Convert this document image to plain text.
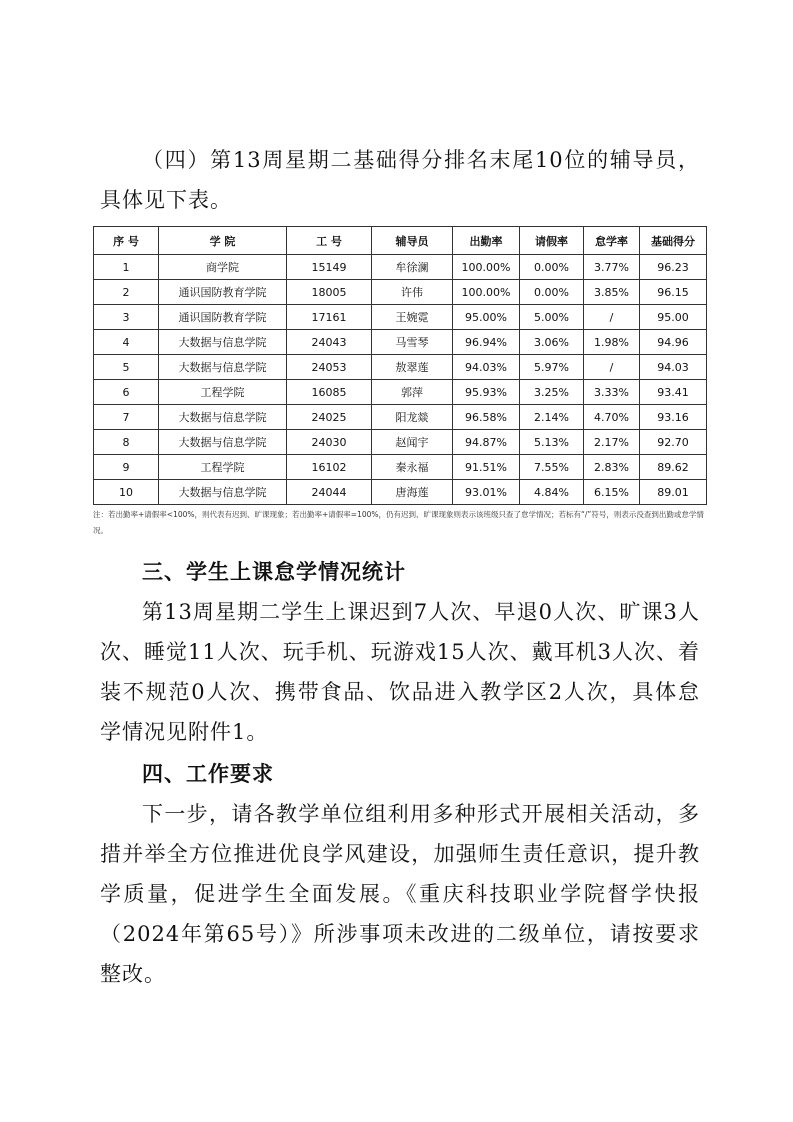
（四）第13周星期二基础得分排名末尾10位的辅导员，具体见下表。

序 号	学 院	工 号	辅导员	出勤率	请假率	怠学率	基础得分
1	商学院	15149	牟徐澜	100.00%	0.00%	3.77%	96.23
2	通识国防教育学院	18005	许伟	100.00%	0.00%	3.85%	96.15
3	通识国防教育学院	17161	王婉霓	95.00%	5.00%	/	95.00
4	大数据与信息学院	24043	马雪琴	96.94%	3.06%	1.98%	94.96
5	大数据与信息学院	24053	敖翠莲	94.03%	5.97%	/	94.03
6	工程学院	16085	郭萍	95.93%	3.25%	3.33%	93.41
7	大数据与信息学院	24025	阳龙燚	96.58%	2.14%	4.70%	93.16
8	大数据与信息学院	24030	赵闻宇	94.87%	5.13%	2.17%	92.70
9	工程学院	16102	秦永福	91.51%	7.55%	2.83%	89.62
10	大数据与信息学院	24044	唐海莲	93.01%	4.84%	6.15%	89.01

注：若出勤率+请假率<100%，则代表有迟到、旷课现象；若出勤率+请假率=100%，仍有迟到、旷课现象则表示该班级只查了怠学情况；若标有“/”符号，则表示没查到出勤或怠学情况。

三、学生上课怠学情况统计

第13周星期二学生上课迟到7人次、早退0人次、旷课3人次、睡觉11人次、玩手机、玩游戏15人次、戴耳机3人次、着装不规范0人次、携带食品、饮品进入教学区2人次，具体怠学情况见附件1。

四、工作要求

下一步，请各教学单位组利用多种形式开展相关活动，多措并举全方位推进优良学风建设，加强师生责任意识，提升教学质量，促进学生全面发展。《重庆科技职业学院督学快报（2024年第65号）》所涉事项未改进的二级单位，请按要求整改。
